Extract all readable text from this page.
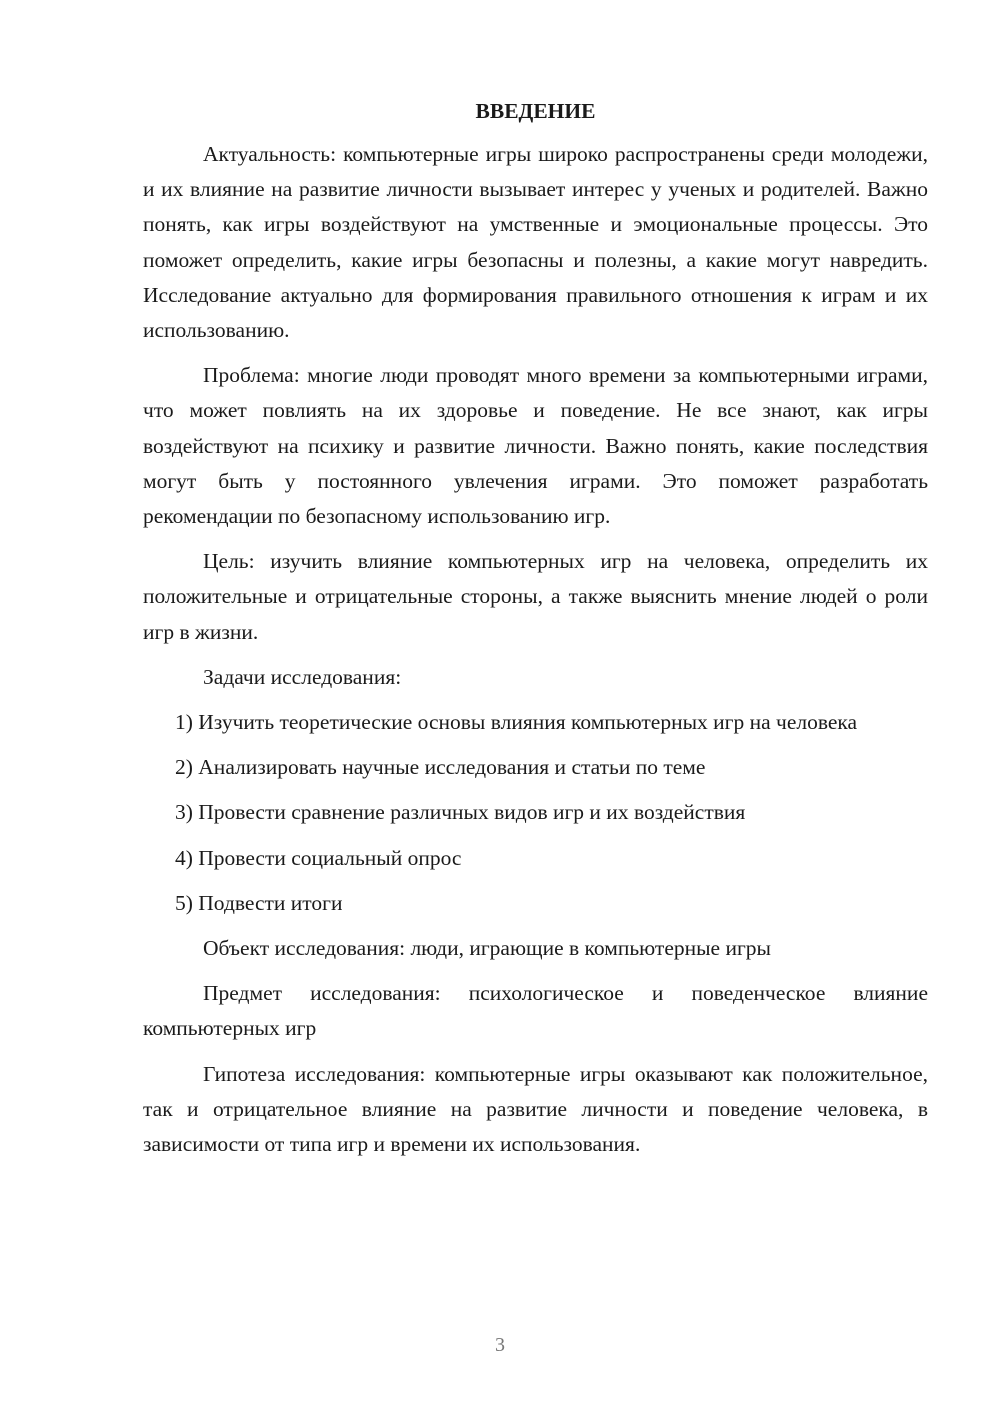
ВВЕДЕНИЕ
Актуальность: компьютерные игры широко распространены среди молодежи, и их влияние на развитие личности вызывает интерес у ученых и родителей. Важно понять, как игры воздействуют на умственные и эмоциональные процессы. Это поможет определить, какие игры безопасны и полезны, а какие могут навредить. Исследование актуально для формирования правильного отношения к играм и их использованию.
Проблема: многие люди проводят много времени за компьютерными играми, что может повлиять на их здоровье и поведение. Не все знают, как игры воздействуют на психику и развитие личности. Важно понять, какие последствия могут быть у постоянного увлечения играми. Это поможет разработать рекомендации по безопасному использованию игр.
Цель: изучить влияние компьютерных игр на человека, определить их положительные и отрицательные стороны, а также выяснить мнение людей о роли игр в жизни.
Задачи исследования:
1) Изучить теоретические основы влияния компьютерных игр на человека
2) Анализировать научные исследования и статьи по теме
3) Провести сравнение различных видов игр и их воздействия
4) Провести социальный опрос
5) Подвести итоги
Объект исследования: люди, играющие в компьютерные игры
Предмет исследования: психологическое и поведенческое влияние компьютерных игр
Гипотеза исследования: компьютерные игры оказывают как положительное, так и отрицательное влияние на развитие личности и поведение человека, в зависимости от типа игр и времени их использования.
3
